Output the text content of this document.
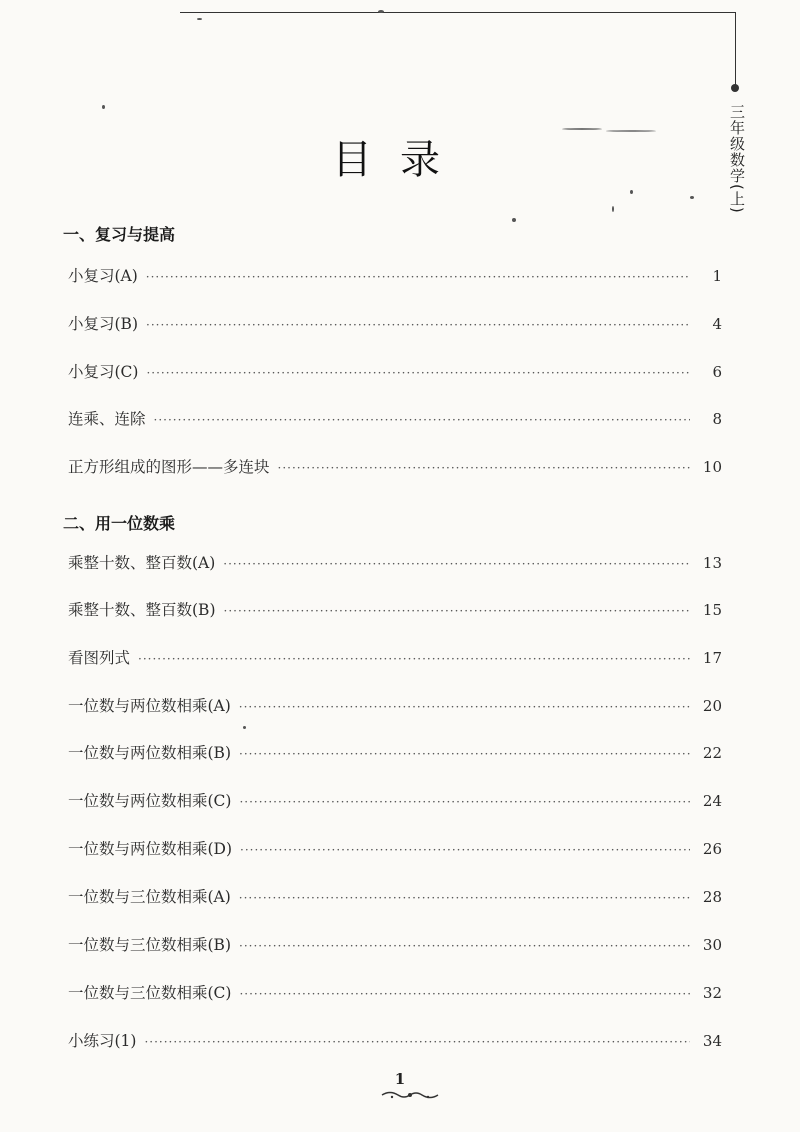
三年级数学(上)
目录
一、复习与提高
小复习(A) ·····	1
小复习(B) ·····	4
小复习(C) ·····	6
连乘、连除 ·····	8
正方形组成的图形——多连块 ·····	10
二、用一位数乘
乘整十数、整百数(A) ·····	13
乘整十数、整百数(B) ·····	15
看图列式 ·····	17
一位数与两位数相乘(A) ·····	20
一位数与两位数相乘(B) ·····	22
一位数与两位数相乘(C) ·····	24
一位数与两位数相乘(D) ·····	26
一位数与三位数相乘(A) ·····	28
一位数与三位数相乘(B) ·····	30
一位数与三位数相乘(C) ·····	32
小练习(1) ·····	34
1
